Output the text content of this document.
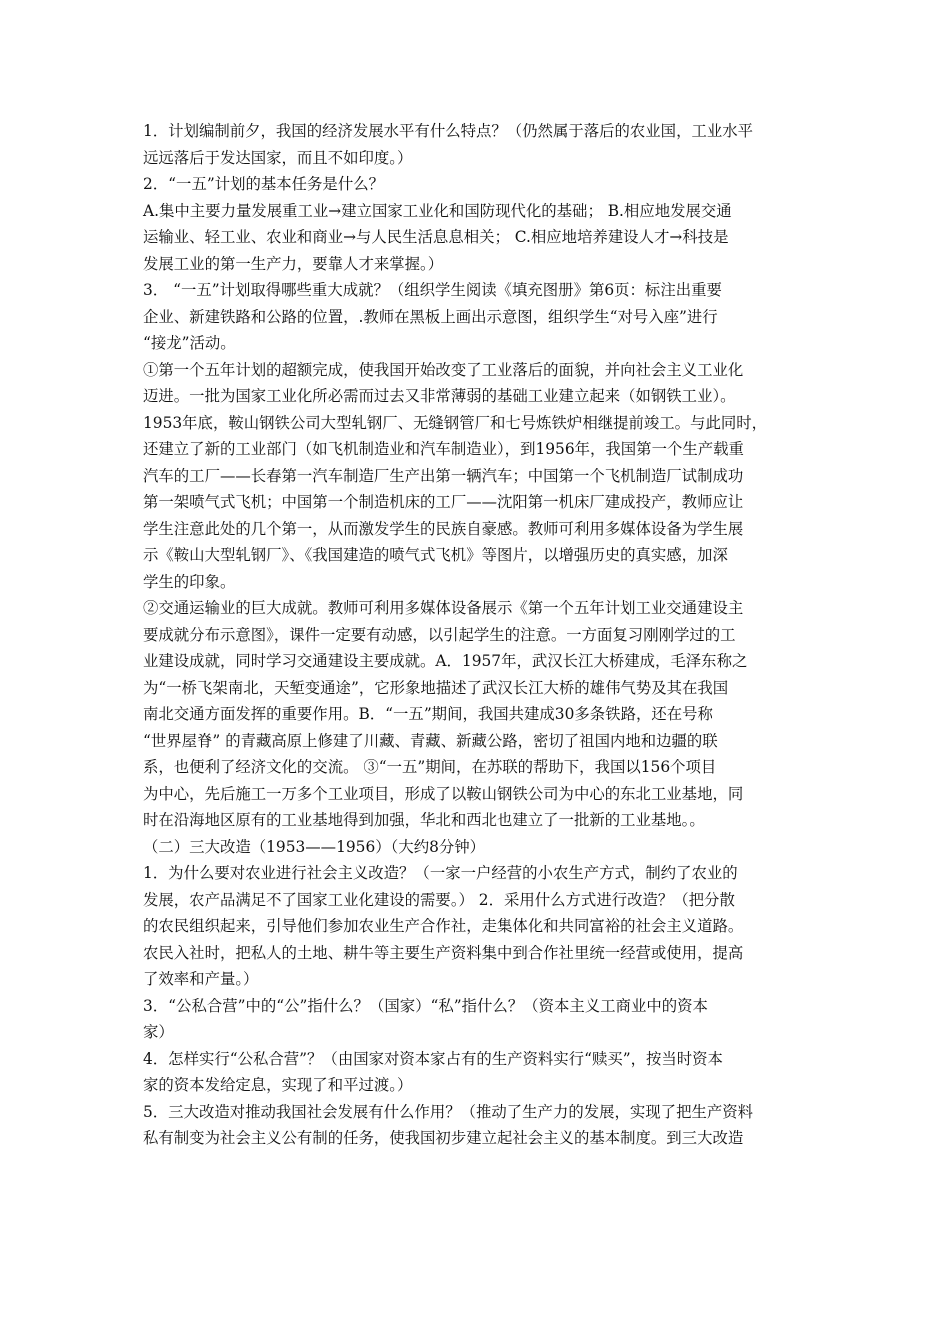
1．计划编制前夕，我国的经济发展水平有什么特点？（仍然属于落后的农业国，工业水平
远远落后于发达国家，而且不如印度。）
2．“一五”计划的基本任务是什么？
A.集中主要力量发展重工业→建立国家工业化和国防现代化的基础； B.相应地发展交通
运输业、轻工业、农业和商业→与人民生活息息相关； C.相应地培养建设人才→科技是
发展工业的第一生产力，要靠人才来掌握。）
3． “一五”计划取得哪些重大成就？（组织学生阅读《填充图册》第6页：标注出重要
企业、新建铁路和公路的位置，.教师在黑板上画出示意图，组织学生“对号入座”进行
“接龙”活动。
①第一个五年计划的超额完成，使我国开始改变了工业落后的面貌，并向社会主义工业化
迈进。一批为国家工业化所必需而过去又非常薄弱的基础工业建立起来（如钢铁工业）。
1953年底，鞍山钢铁公司大型轧钢厂、无缝钢管厂和七号炼铁炉相继提前竣工。与此同时，
还建立了新的工业部门（如飞机制造业和汽车制造业），到1956年，我国第一个生产载重
汽车的工厂——长春第一汽车制造厂生产出第一辆汽车；中国第一个飞机制造厂试制成功
第一架喷气式飞机；中国第一个制造机床的工厂——沈阳第一机床厂建成投产，教师应让
学生注意此处的几个第一，从而激发学生的民族自豪感。教师可利用多媒体设备为学生展
示《鞍山大型轧钢厂》、《我国建造的喷气式飞机》等图片，以增强历史的真实感，加深
学生的印象。
②交通运输业的巨大成就。教师可利用多媒体设备展示《第一个五年计划工业交通建设主
要成就分布示意图》，课件一定要有动感，以引起学生的注意。一方面复习刚刚学过的工
业建设成就，同时学习交通建设主要成就。A．1957年，武汉长江大桥建成，毛泽东称之
为“一桥飞架南北，天堑变通途”，它形象地描述了武汉长江大桥的雄伟气势及其在我国
南北交通方面发挥的重要作用。B．“一五”期间，我国共建成30多条铁路，还在号称
“世界屋脊” 的青藏高原上修建了川藏、青藏、新藏公路，密切了祖国内地和边疆的联
系，也便利了经济文化的交流。 ③“一五”期间，在苏联的帮助下，我国以156个项目
为中心，先后施工一万多个工业项目，形成了以鞍山钢铁公司为中心的东北工业基地，同
时在沿海地区原有的工业基地得到加强，华北和西北也建立了一批新的工业基地。。
（二）三大改造（1953——1956）（大约8分钟）
1．为什么要对农业进行社会主义改造？（一家一户经营的小农生产方式，制约了农业的
发展，农产品满足不了国家工业化建设的需要。） 2．采用什么方式进行改造？（把分散
的农民组织起来，引导他们参加农业生产合作社，走集体化和共同富裕的社会主义道路。
农民入社时，把私人的土地、耕牛等主要生产资料集中到合作社里统一经营或使用，提高
了效率和产量。）
3．“公私合营”中的“公”指什么？（国家）“私”指什么？（资本主义工商业中的资本
家）
4．怎样实行“公私合营”？（由国家对资本家占有的生产资料实行“赎买”，按当时资本
家的资本发给定息，实现了和平过渡。）
5．三大改造对推动我国社会发展有什么作用？（推动了生产力的发展，实现了把生产资料
私有制变为社会主义公有制的任务，使我国初步建立起社会主义的基本制度。到三大改造
